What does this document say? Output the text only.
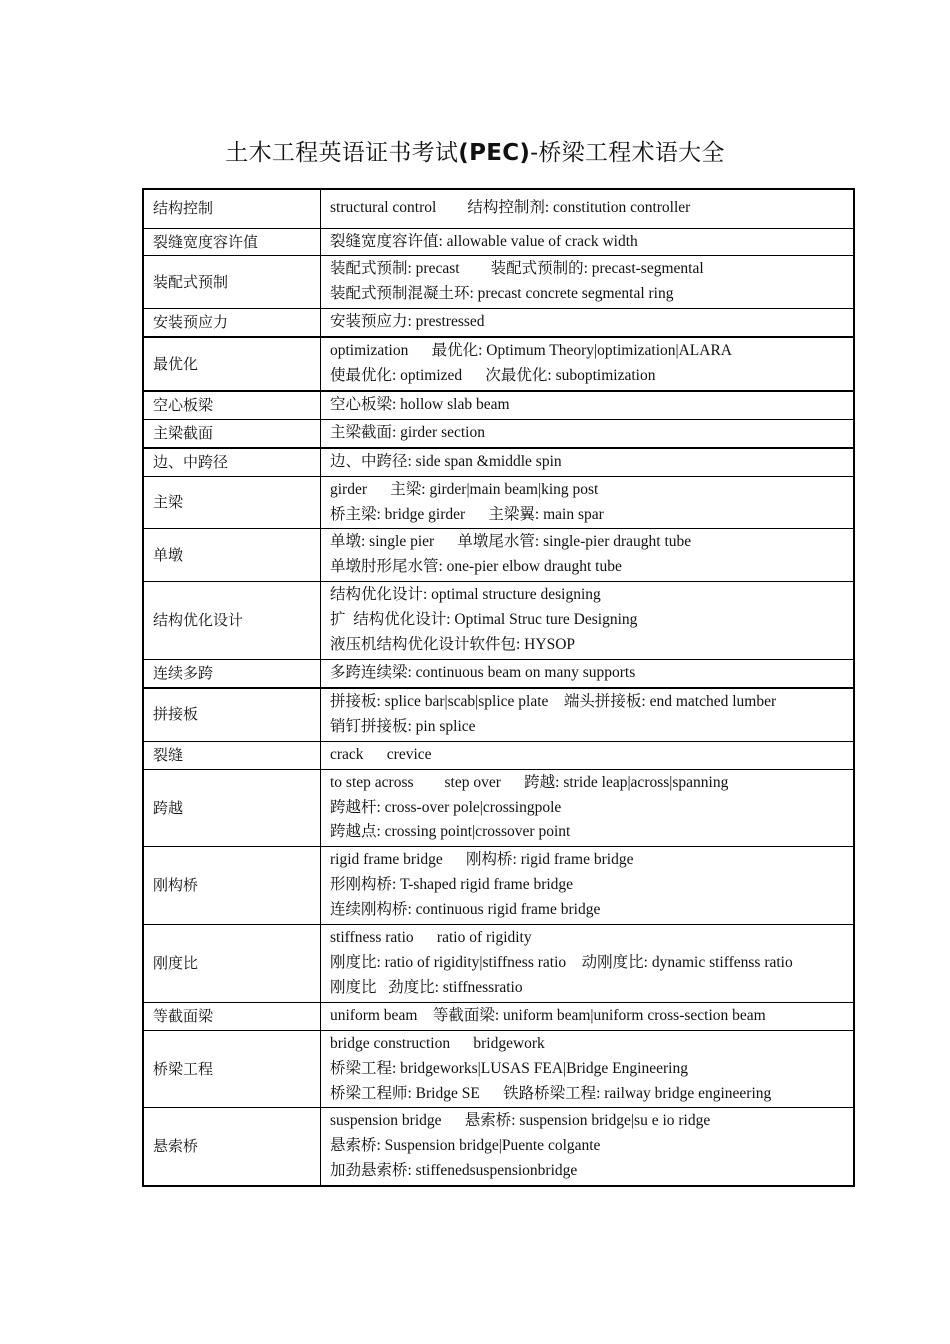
土木工程英语证书考试(PEC)-桥梁工程术语大全
结构控制	structural control        结构控制剂: constitution controller

裂缝宽度容许值	裂缝宽度容许值: allowable value of crack width

装配式预制	装配式预制: precast        装配式预制的: precast-segmental
装配式预制混凝土环: precast concrete segmental ring

安装预应力	安装预应力: prestressed

最优化	optimization      最优化: Optimum Theory|optimization|ALARA
使最优化: optimized      次最优化: suboptimization

空心板梁	空心板梁: hollow slab beam

主梁截面	主梁截面: girder section

边、中跨径	边、中跨径: side span &middle spin

主梁	girder      主梁: girder|main beam|king post
桥主梁: bridge girder      主梁翼: main spar

单墩	单墩: single pier      单墩尾水管: single-pier draught tube
单墩肘形尾水管: one-pier elbow draught tube

结构优化设计	结构优化设计: optimal structure designing
扩  结构优化设计: Optimal Struc ture Designing
液压机结构优化设计软件包: HYSOP

连续多跨	多跨连续梁: continuous beam on many supports

拼接板	拼接板: splice bar|scab|splice plate    端头拼接板: end matched lumber
销钉拼接板: pin splice

裂缝	crack      crevice

跨越	to step across        step over      跨越: stride leap|across|spanning
跨越杆: cross-over pole|crossingpole
跨越点: crossing point|crossover point

刚构桥	rigid frame bridge      刚构桥: rigid frame bridge
形刚构桥: T-shaped rigid frame bridge
连续刚构桥: continuous rigid frame bridge

刚度比	stiffness ratio      ratio of rigidity
刚度比: ratio of rigidity|stiffness ratio    动刚度比: dynamic stiffenss ratio
刚度比   劲度比: stiffnessratio

等截面梁	uniform beam    等截面梁: uniform beam|uniform cross-section beam

桥梁工程	bridge construction      bridgework
桥梁工程: bridgeworks|LUSAS FEA|Bridge Engineering
桥梁工程师: Bridge SE      铁路桥梁工程: railway bridge engineering

悬索桥	suspension bridge      悬索桥: suspension bridge|su e io ridge
悬索桥: Suspension bridge|Puente colgante
加劲悬索桥: stiffenedsuspensionbridge
